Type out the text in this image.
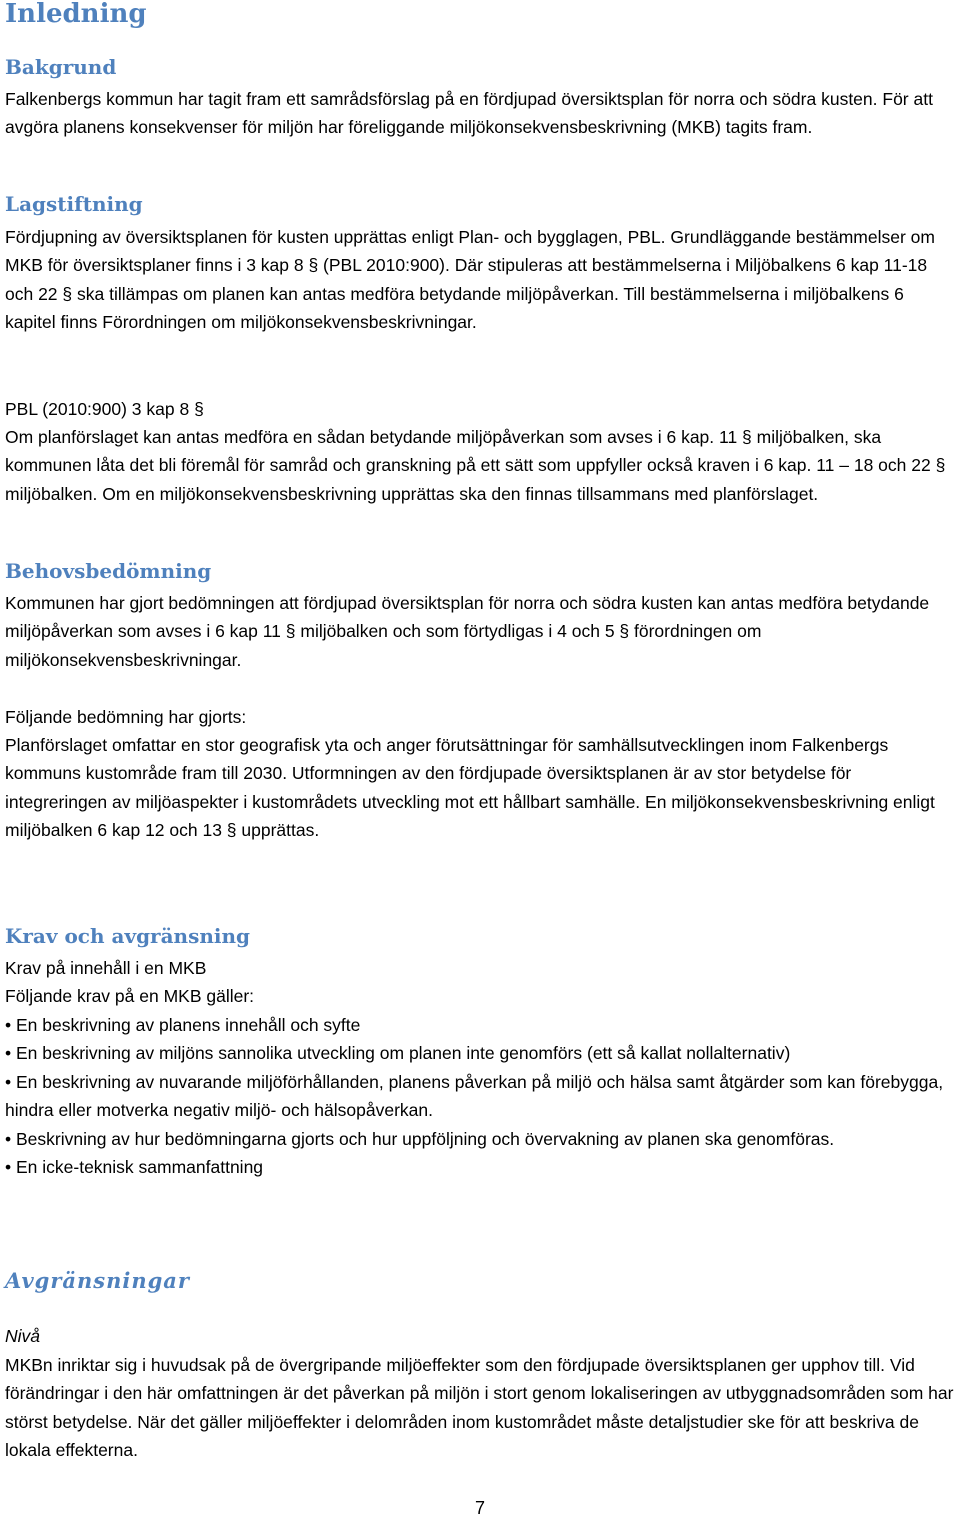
Inledning
Bakgrund

Falkenbergs kommun har tagit fram ett samrådsförslag på en fördjupad översiktsplan för norra och södra kusten. För att avgöra planens konsekvenser för miljön har föreliggande miljökonsekvensbeskrivning (MKB) tagits fram.

Lagstiftning

Fördjupning av översiktsplanen för kusten upprättas enligt Plan- och bygglagen, PBL. Grundläggande bestämmelser om MKB för översiktsplaner finns i 3 kap 8 § (PBL 2010:900). Där stipuleras att bestämmelserna i Miljöbalkens 6 kap 11-18 och 22 § ska tillämpas om planen kan antas medföra betydande miljöpåverkan. Till bestämmelserna i miljöbalkens 6 kapitel finns Förordningen om miljökonsekvensbeskrivningar.

PBL (2010:900) 3 kap 8 §

Om planförslaget kan antas medföra en sådan betydande miljöpåverkan som avses i 6 kap. 11 § miljöbalken, ska kommunen låta det bli föremål för samråd och granskning på ett sätt som uppfyller också kraven i 6 kap. 11 – 18 och 22 § miljöbalken. Om en miljökonsekvensbeskrivning upprättas ska den finnas tillsammans med planförslaget.

Behovsbedömning

Kommunen har gjort bedömningen att fördjupad översiktsplan för norra och södra kusten kan antas medföra betydande miljöpåverkan som avses i 6 kap 11 § miljöbalken och som förtydligas i 4 och 5 § förordningen om miljökonsekvensbeskrivningar.

Följande bedömning har gjorts:

Planförslaget omfattar en stor geografisk yta och anger förutsättningar för samhällsutvecklingen inom Falkenbergs kommuns kustområde fram till 2030. Utformningen av den fördjupade översiktsplanen är av stor betydelse för integreringen av miljöaspekter i kustområdets utveckling mot ett hållbart samhälle. En miljökonsekvensbeskrivning enligt miljöbalken 6 kap 12 och 13 § upprättas.

Krav och avgränsning

Krav på innehåll i en MKB

Följande krav på en MKB gäller:

• En beskrivning av planens innehåll och syfte
• En beskrivning av miljöns sannolika utveckling om planen inte genomförs (ett så kallat nollalternativ)
• En beskrivning av nuvarande miljöförhållanden, planens påverkan på miljö och hälsa samt åtgärder som kan förebygga, hindra eller motverka negativ miljö- och hälsopåverkan.
• Beskrivning av hur bedömningarna gjorts och hur uppföljning och övervakning av planen ska genomföras.
• En icke-teknisk sammanfattning
Avgränsningar

Nivå

MKBn inriktar sig i huvudsak på de övergripande miljöeffekter som den fördjupade översiktsplanen ger upphov till. Vid förändringar i den här omfattningen är det påverkan på miljön i stort genom lokaliseringen av utbyggnadsområden som har störst betydelse. När det gäller miljöeffekter i delområden inom kustområdet måste detaljstudier ske för att beskriva de lokala effekterna.

7
